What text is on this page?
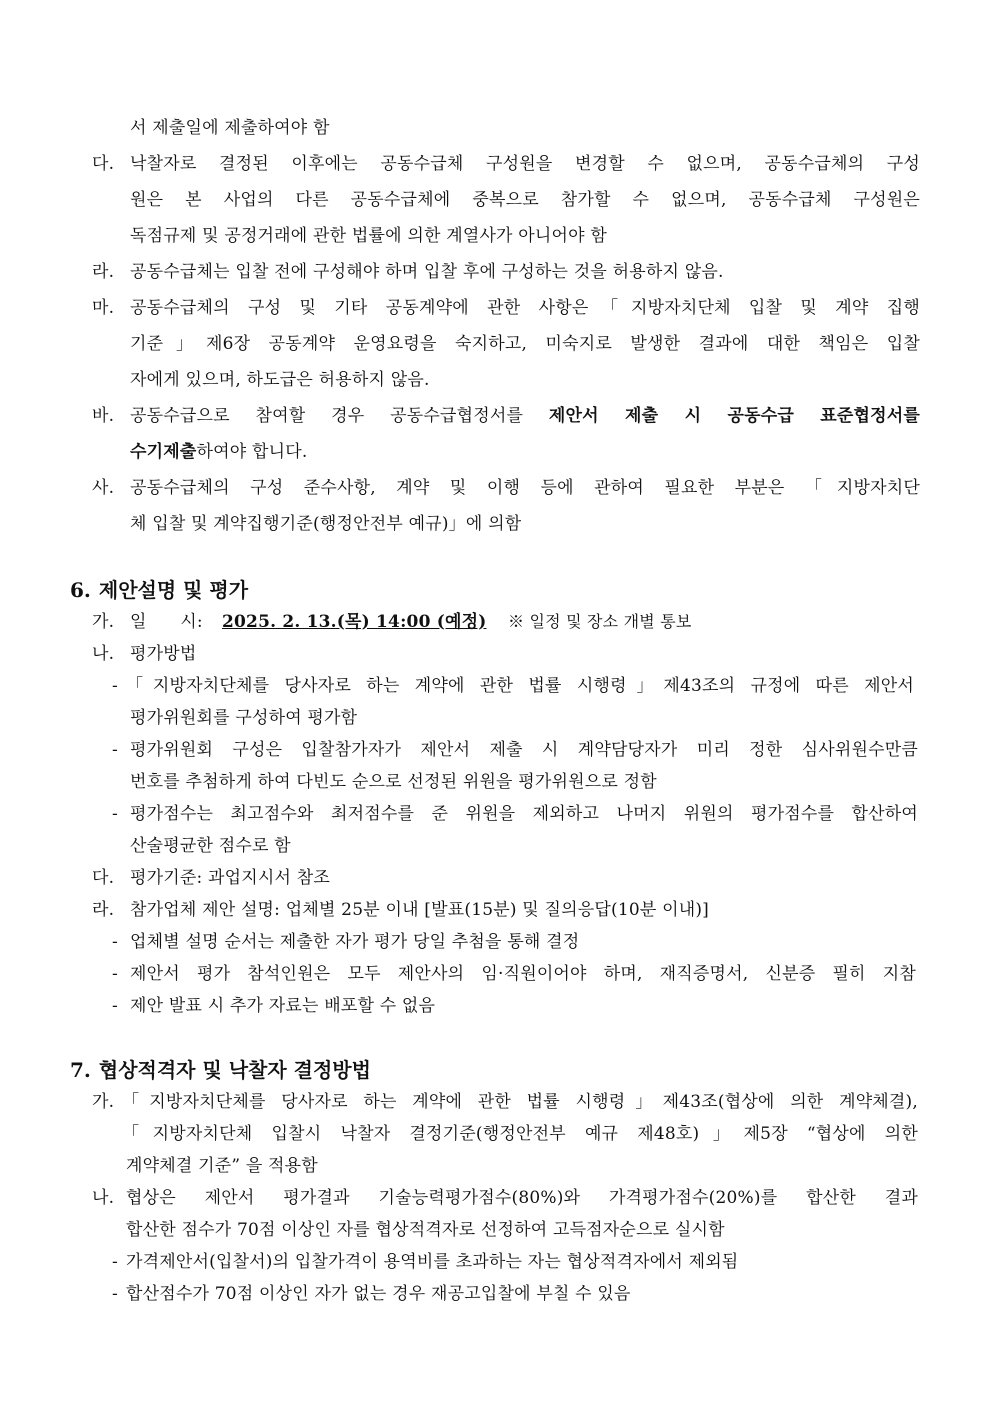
서 제출일에 제출하여야 함
다. 낙찰자로 결정된 이후에는 공동수급체 구성원을 변경할 수 없으며, 공동수급체의 구성
원은 본 사업의 다른 공동수급체에 중복으로 참가할 수 없으며, 공동수급체 구성원은
독점규제 및 공정거래에 관한 법률에 의한 계열사가 아니어야 함
라. 공동수급체는 입찰 전에 구성해야 하며 입찰 후에 구성하는 것을 허용하지 않음.
마. 공동수급체의 구성 및 기타 공동계약에 관한 사항은「지방자치단체 입찰 및 계약 집행
기준」제6장 공동계약 운영요령을 숙지하고, 미숙지로 발생한 결과에 대한 책임은 입찰
자에게 있으며, 하도급은 허용하지 않음.
바. 공동수급으로 참여할 경우 공동수급협정서를 제안서 제출 시 공동수급 표준협정서를
수기제출하여야 합니다.
사. 공동수급체의 구성 준수사항, 계약 및 이행 등에 관하여 필요한 부분은 「지방자치단
체 입찰 및 계약집행기준(행정안전부 예규)」에 의함
6. 제안설명 및 평가
가. 일      시: 2025. 2. 13.(목) 14:00 (예정) ※ 일정 및 장소 개별 통보
나. 평가방법
- 「지방자치단체를 당사자로 하는 계약에 관한 법률 시행령」제43조의 규정에 따른 제안서
평가위원회를 구성하여 평가함
- 평가위원회 구성은 입찰참가자가 제안서 제출 시 계약담당자가 미리 정한 심사위원수만큼
번호를 추첨하게 하여 다빈도 순으로 선정된 위원을 평가위원으로 정함
- 평가점수는 최고점수와 최저점수를 준 위원을 제외하고 나머지 위원의 평가점수를 합산하여
산술평균한 점수로 함
다. 평가기준: 과업지시서 참조
라. 참가업체 제안 설명: 업체별 25분 이내 [발표(15분) 및 질의응답(10분 이내)]
- 업체별 설명 순서는 제출한 자가 평가 당일 추첨을 통해 결정
- 제안서 평가 참석인원은 모두 제안사의 임·직원이어야 하며, 재직증명서, 신분증 필히 지참
- 제안 발표 시 추가 자료는 배포할 수 없음
7. 협상적격자 및 낙찰자 결정방법
가. 「지방자치단체를 당사자로 하는 계약에 관한 법률 시행령」제43조(협상에 의한 계약체결),
「지방자치단체 입찰시 낙찰자 결정기준(행정안전부 예규 제48호)」제5장 “협상에 의한
계약체결 기준” 을 적용함
나. 협상은 제안서 평가결과 기술능력평가점수(80%)와 가격평가점수(20%)를 합산한 결과
합산한 점수가 70점 이상인 자를 협상적격자로 선정하여 고득점자순으로 실시함
- 가격제안서(입찰서)의 입찰가격이 용역비를 초과하는 자는 협상적격자에서 제외됨
- 합산점수가 70점 이상인 자가 없는 경우 재공고입찰에 부칠 수 있음
